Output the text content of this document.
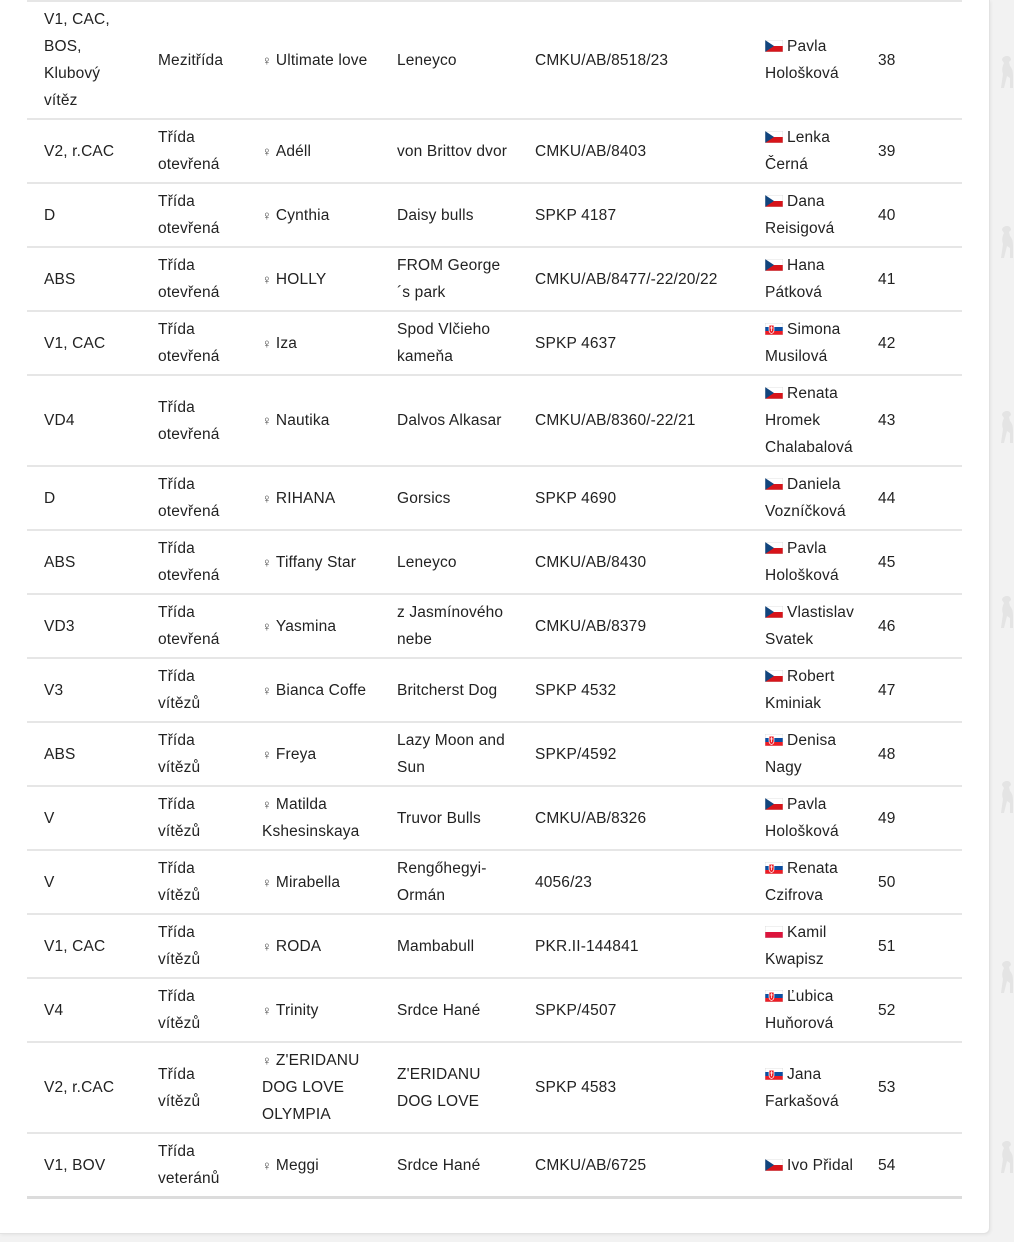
V1, CAC, BOS, Klubový vítěz	Mezitřída	♀ Ultimate love	Leneyco	CMKU/AB/8518/23	Pavla Hološková	38
V2, r.CAC	Třída otevřená	♀ Adéll	von Brittov dvor	CMKU/AB/8403	Lenka Černá	39
D	Třída otevřená	♀ Cynthia	Daisy bulls	SPKP 4187	Dana Reisigová	40
ABS	Třída otevřená	♀ HOLLY	FROM George´s park	CMKU/AB/8477/-22/20/22	Hana Pátková	41
V1, CAC	Třída otevřená	♀ Iza	Spod Vlčieho kameňa	SPKP 4637	Simona Musilová	42
VD4	Třída otevřená	♀ Nautika	Dalvos Alkasar	CMKU/AB/8360/-22/21	Renata Hromek Chalabalová	43
D	Třída otevřená	♀ RIHANA	Gorsics	SPKP 4690	Daniela Vozníčková	44
ABS	Třída otevřená	♀ Tiffany Star	Leneyco	CMKU/AB/8430	Pavla Hološková	45
VD3	Třída otevřená	♀ Yasmina	z Jasmínového nebe	CMKU/AB/8379	Vlastislav Svatek	46
V3	Třída vítězů	♀ Bianca Coffe	Britcherst Dog	SPKP 4532	Robert Kminiak	47
ABS	Třída vítězů	♀ Freya	Lazy Moon and Sun	SPKP/4592	Denisa Nagy	48
V	Třída vítězů	♀ Matilda Kshesinskaya	Truvor Bulls	CMKU/AB/8326	Pavla Hološková	49
V	Třída vítězů	♀ Mirabella	Rengőhegyi-Ormán	4056/23	Renata Czifrova	50
V1, CAC	Třída vítězů	♀ RODA	Mambabull	PKR.II-144841	Kamil Kwapisz	51
V4	Třída vítězů	♀ Trinity	Srdce Hané	SPKP/4507	Ľubica Huňorová	52
V2, r.CAC	Třída vítězů	♀ Z'ERIDANU DOG LOVE OLYMPIA	Z'ERIDANU DOG LOVE	SPKP 4583	Jana Farkašová	53
V1, BOV	Třída veteránů	♀ Meggi	Srdce Hané	CMKU/AB/6725	Ivo Přidal	54
